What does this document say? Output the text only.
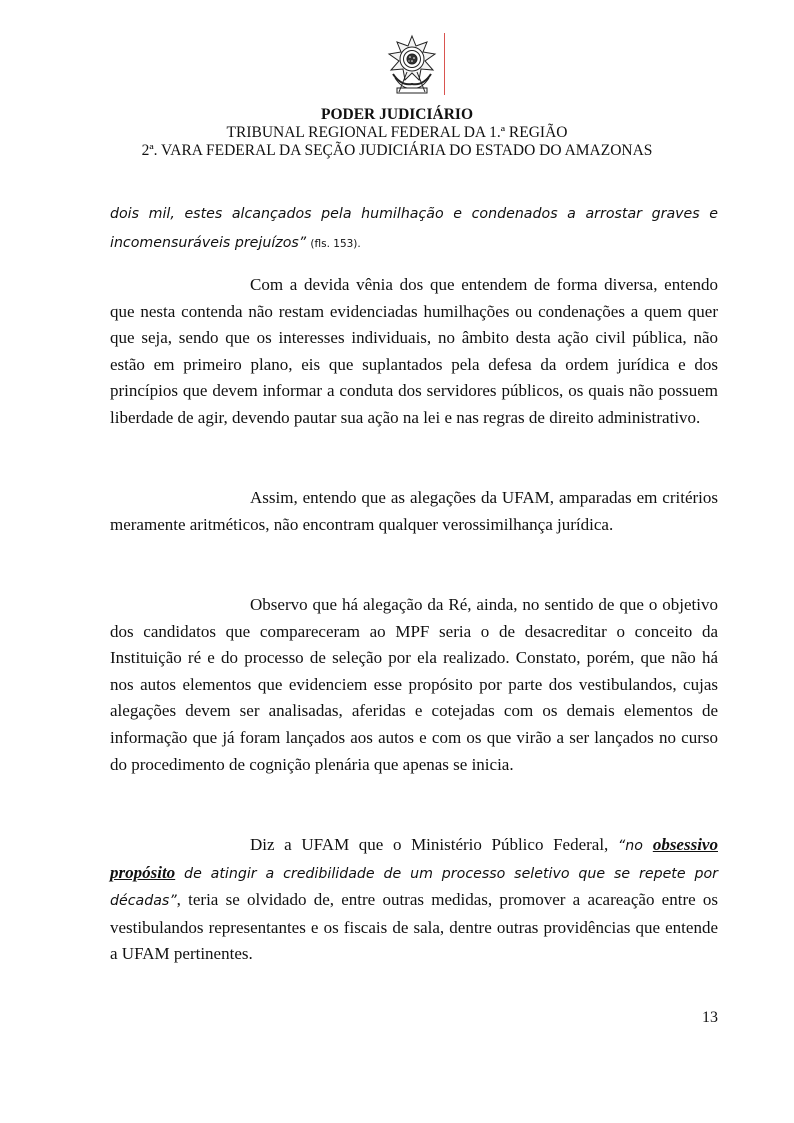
PODER JUDICIÁRIO
TRIBUNAL REGIONAL FEDERAL DA 1.ª REGIÃO
2ª. VARA FEDERAL DA SEÇÃO JUDICIÁRIA DO ESTADO DO AMAZONAS

dois mil, estes alcançados pela humilhação e condenados a arrostar graves e incomensuráveis prejuízos” (fls. 153).

Com a devida vênia dos que entendem de forma diversa, entendo que nesta contenda não restam evidenciadas humilhações ou condenações a quem quer que seja, sendo que os interesses individuais, no âmbito desta ação civil pública, não estão em primeiro plano, eis que suplantados pela defesa da ordem jurídica e dos princípios que devem informar a conduta dos servidores públicos, os quais não possuem liberdade de agir, devendo pautar sua ação na lei e nas regras de direito administrativo.

Assim, entendo que as alegações da UFAM, amparadas em critérios meramente aritméticos, não encontram qualquer verossimilhança jurídica.

Observo que há alegação da Ré, ainda, no sentido de que o objetivo dos candidatos que compareceram ao MPF seria o de desacreditar o conceito da Instituição ré e do processo de seleção por ela realizado. Constato, porém, que não há nos autos elementos que evidenciem esse propósito por parte dos vestibulandos, cujas alegações devem ser analisadas, aferidas e cotejadas com os demais elementos de informação que já foram lançados aos autos e com os que virão a ser lançados no curso do procedimento de cognição plenária que apenas se inicia.

Diz a UFAM que o Ministério Público Federal, “no obsessivo propósito de atingir a credibilidade de um processo seletivo que se repete por décadas”, teria se olvidado de, entre outras medidas, promover a acareação entre os vestibulandos representantes e os fiscais de sala, dentre outras providências que entende a UFAM pertinentes.

13
